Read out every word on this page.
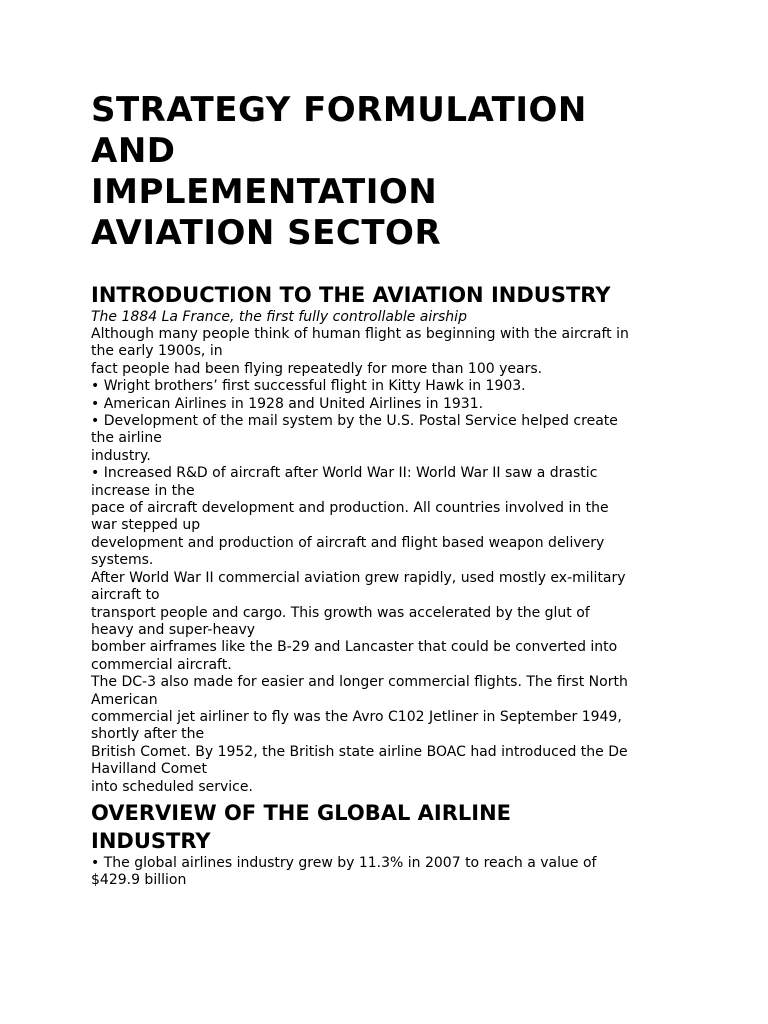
STRATEGY FORMULATION
AND
IMPLEMENTATION
AVIATION SECTOR
INTRODUCTION TO THE AVIATION INDUSTRY

The 1884 La France, the first fully controllable airship

Although many people think of human flight as beginning with the aircraft in
the early 1900s, in
fact people had been flying repeatedly for more than 100 years.
• Wright brothers’ first successful flight in Kitty Hawk in 1903.
• American Airlines in 1928 and United Airlines in 1931.
• Development of the mail system by the U.S. Postal Service helped create
the airline
industry.
• Increased R&D of aircraft after World War II: World War II saw a drastic
increase in the
pace of aircraft development and production. All countries involved in the
war stepped up
development and production of aircraft and flight based weapon delivery
systems.
After World War II commercial aviation grew rapidly, used mostly ex-military
aircraft to
transport people and cargo. This growth was accelerated by the glut of
heavy and super-heavy
bomber airframes like the B-29 and Lancaster that could be converted into
commercial aircraft.
The DC-3 also made for easier and longer commercial flights. The first North
American
commercial jet airliner to fly was the Avro C102 Jetliner in September 1949,
shortly after the
British Comet. By 1952, the British state airline BOAC had introduced the De
Havilland Comet
into scheduled service.
OVERVIEW OF THE GLOBAL AIRLINE
INDUSTRY
• The global airlines industry grew by 11.3% in 2007 to reach a value of
$429.9 billion
